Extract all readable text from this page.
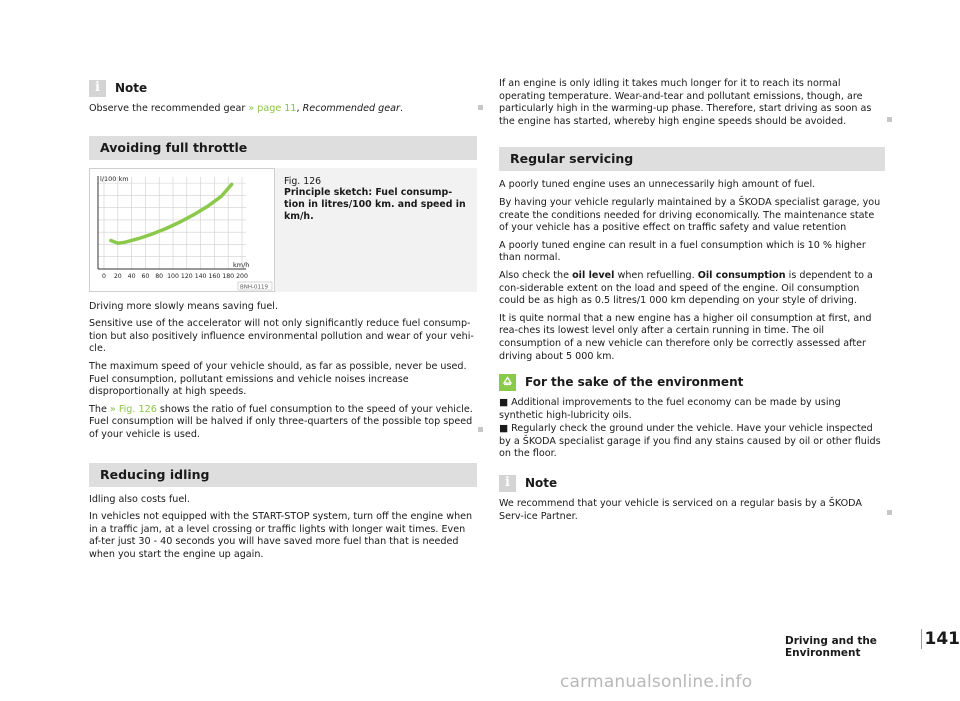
i	Note

Observe the recommended gear » page 11, Recommended gear.

Avoiding full throttle
l/100 km
km/h
0 20 40 60 80 100 120 140 160 180 200
BNH-0119
Fig. 126
Principle sketch: Fuel consump-tion in litres/100 km. and speed in km/h.

Driving more slowly means saving fuel.

Sensitive use of the accelerator will not only significantly reduce fuel consump-tion but also positively influence environmental pollution and wear of your vehi-cle.

The maximum speed of your vehicle should, as far as possible, never be used. Fuel consumption, pollutant emissions and vehicle noises increase disproportionally at high speeds.

The » Fig. 126 shows the ratio of fuel consumption to the speed of your vehicle. Fuel consumption will be halved if only three-quarters of the possible top speed of your vehicle is used.

Reducing idling

Idling also costs fuel.

In vehicles not equipped with the START-STOP system, turn off the engine when in a traffic jam, at a level crossing or traffic lights with longer wait times. Even af-ter just 30 - 40 seconds you will have saved more fuel than that is needed when you start the engine up again.

If an engine is only idling it takes much longer for it to reach its normal operating temperature. Wear-and-tear and pollutant emissions, though, are particularly high in the warming-up phase. Therefore, start driving as soon as the engine has started, whereby high engine speeds should be avoided.

Regular servicing

A poorly tuned engine uses an unnecessarily high amount of fuel.

By having your vehicle regularly maintained by a ŠKODA specialist garage, you create the conditions needed for driving economically. The maintenance state of your vehicle has a positive effect on traffic safety and value retention

A poorly tuned engine can result in a fuel consumption which is 10 % higher than normal.

Also check the oil level when refuelling. Oil consumption is dependent to a con-siderable extent on the load and speed of the engine. Oil consumption could be as high as 0.5 litres/1 000 km depending on your style of driving.

It is quite normal that a new engine has a higher oil consumption at first, and rea-ches its lowest level only after a certain running in time. The oil consumption of a new vehicle can therefore only be correctly assessed after driving about 5 000 km.

For the sake of the environment

■ Additional improvements to the fuel economy can be made by using synthetic high-lubricity oils.

■ Regularly check the ground under the vehicle. Have your vehicle inspected by a ŠKODA specialist garage if you find any stains caused by oil or other fluids on the floor.

i	Note

We recommend that your vehicle is serviced on a regular basis by a ŠKODA Serv-ice Partner.

Driving and the Environment
141
carmanualsonline.info
